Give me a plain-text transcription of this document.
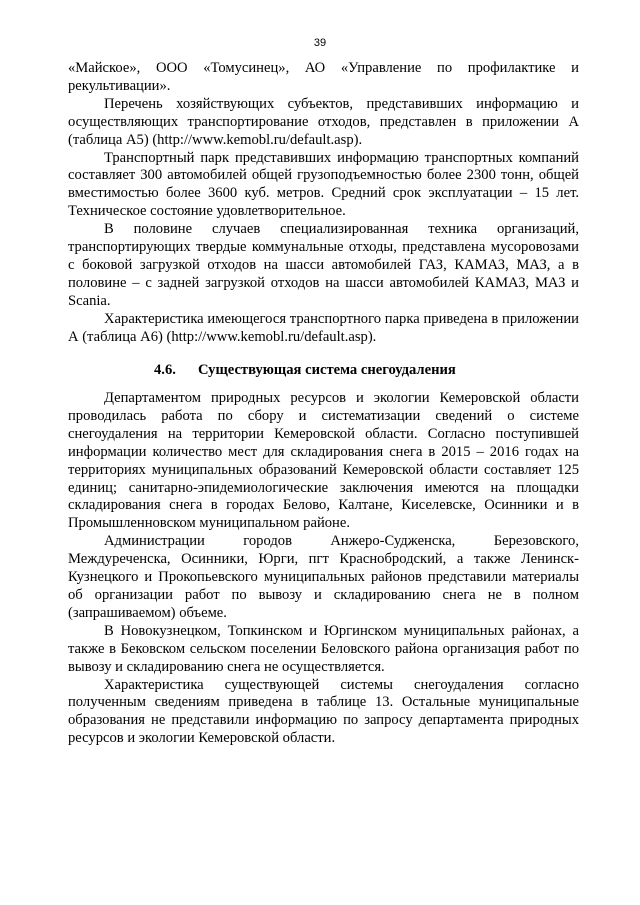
39

«Майское», ООО «Томусинец», АО «Управление по профилактике и рекультивации».

Перечень хозяйствующих субъектов, представивших информацию и осуществляющих транспортирование отходов, представлен в приложении А (таблица А5) (http://www.kemobl.ru/default.asp).

Транспортный парк представивших информацию транспортных компаний составляет 300 автомобилей общей грузоподъемностью более 2300 тонн, общей вместимостью более 3600 куб. метров. Средний срок эксплуатации – 15 лет. Техническое состояние удовлетворительное.

В половине случаев специализированная техника организаций, транспортирующих твердые коммунальные отходы, представлена мусоровозами с боковой загрузкой отходов на шасси автомобилей ГАЗ, КАМАЗ, МАЗ, а в половине – с задней загрузкой отходов на шасси автомобилей КАМАЗ, МАЗ и Scania.

Характеристика имеющегося транспортного парка приведена в приложении А (таблица А6) (http://www.kemobl.ru/default.asp).

4.6. Существующая система снегоудаления

Департаментом природных ресурсов и экологии Кемеровской области проводилась работа по сбору и систематизации сведений о системе снегоудаления на территории Кемеровской области. Согласно поступившей информации количество мест для складирования снега в 2015 – 2016 годах на территориях муниципальных образований Кемеровской области составляет 125 единиц; санитарно-эпидемиологические заключения имеются на площадки складирования снега в городах Белово, Калтане, Киселевске, Осинники и в Промышленновском муниципальном районе.

Администрации городов Анжеро-Судженска, Березовского, Междуреченска, Осинники, Юрги, пгт Краснобродский, а также Ленинск-Кузнецкого и Прокопьевского муниципальных районов представили материалы об организации работ по вывозу и складированию снега не в полном (запрашиваемом) объеме.

В Новокузнецком, Топкинском и Юргинском муниципальных районах, а также в Бековском сельском поселении Беловского района организация работ по вывозу и складированию снега не осуществляется.

Характеристика существующей системы снегоудаления согласно полученным сведениям приведена в таблице 13. Остальные муниципальные образования не представили информацию по запросу департамента природных ресурсов и экологии Кемеровской области.
